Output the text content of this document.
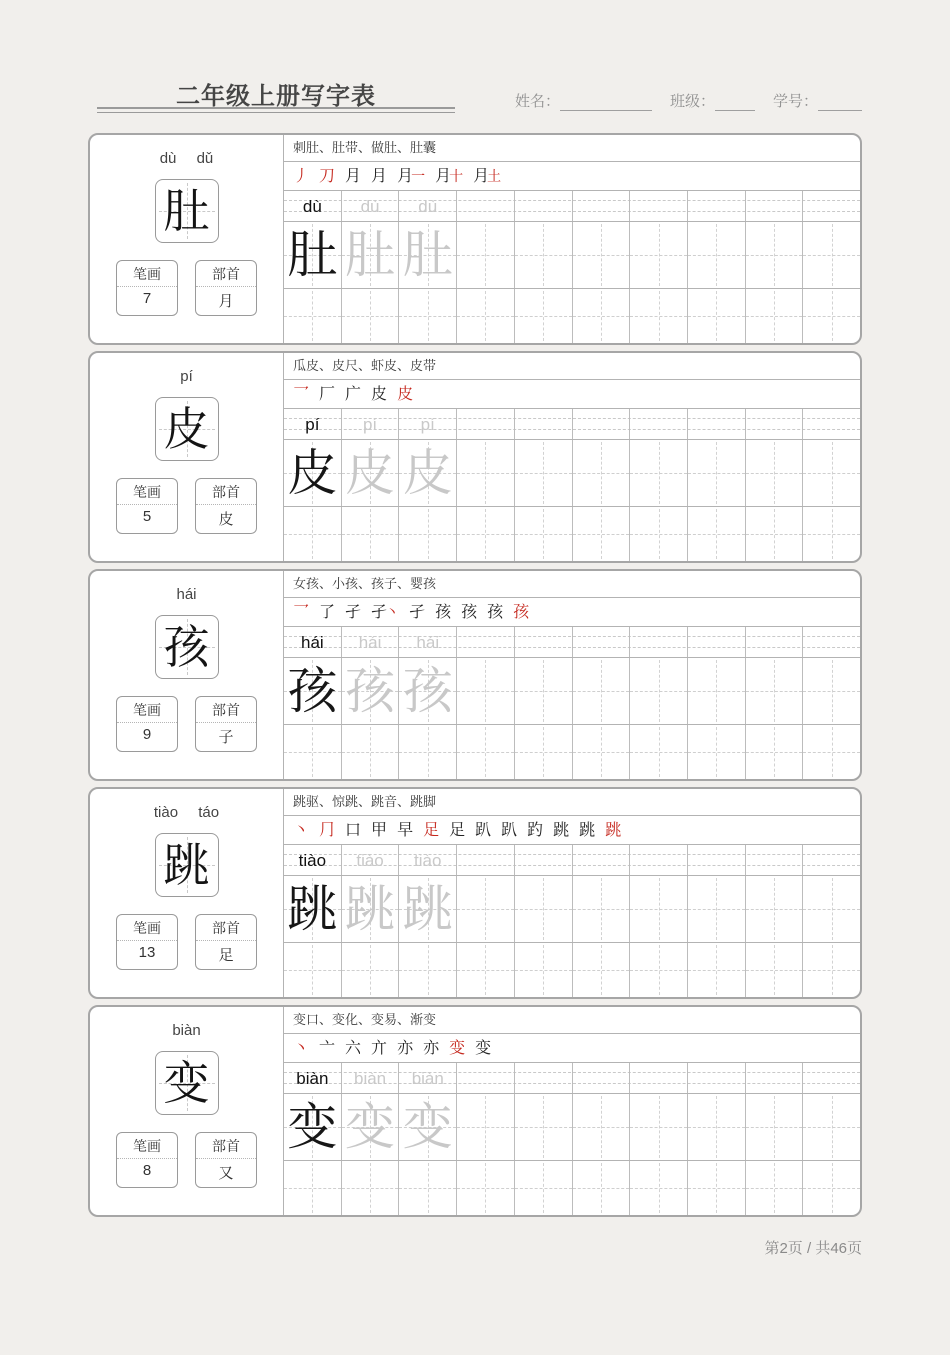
二年级上册写字表	姓名：	班级：	学号：
dù dǔ
肚
笔画
7
部首
月
刺肚、肚带、做肚、肚囊
丿 刀 月 月 月一 月十 月土
dù	dù	dù
肚 肚 肚
pí
皮
笔画
5
部首
皮
瓜皮、皮尺、虾皮、皮带
乛 厂 广 皮 皮
pí	pí	pí
皮 皮 皮
hái
孩
笔画
9
部首
子
女孩、小孩、孩子、婴孩
乛 了 孑 孑丶 孑 孩 孩 孩 孩
hái	hái	hái
孩 孩 孩
tiào táo
跳
笔画
13
部首
足
跳驱、惊跳、跳音、跳脚
丶 ⺆ 口 甲 早 足 足 趴 趴 趵 跳 跳 跳
tiào	tiào	tiào
跳 跳 跳
biàn
变
笔画
8
部首
又
变口、变化、变易、渐变
丶 亠 六 亣 亦 亦 变 变
biàn	biàn	biàn
变 变 变
第2页 / 共46页
